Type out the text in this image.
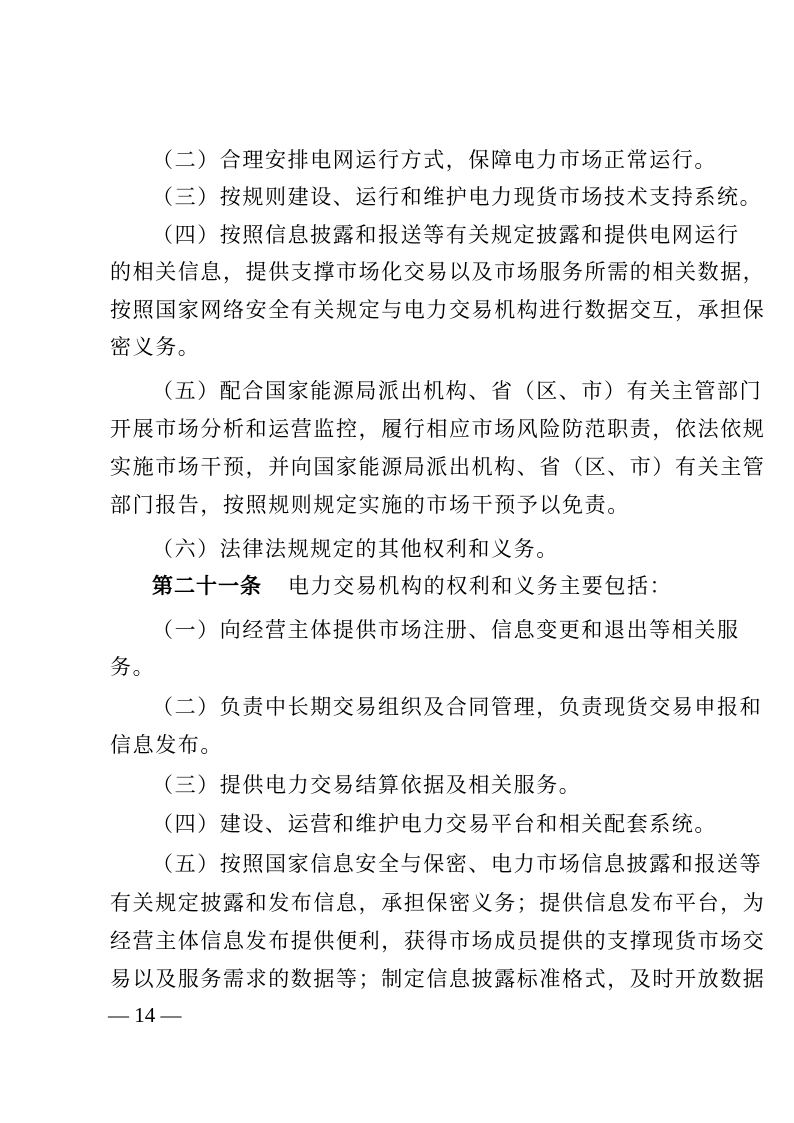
（二）合理安排电网运行方式，保障电力市场正常运行。
（三）按规则建设、运行和维护电力现货市场技术支持系统。
（四）按照信息披露和报送等有关规定披露和提供电网运行
的相关信息，提供支撑市场化交易以及市场服务所需的相关数据，
按照国家网络安全有关规定与电力交易机构进行数据交互，承担保
密义务。
（五）配合国家能源局派出机构、省（区、市）有关主管部门
开展市场分析和运营监控，履行相应市场风险防范职责，依法依规
实施市场干预，并向国家能源局派出机构、省（区、市）有关主管
部门报告，按照规则规定实施的市场干预予以免责。
（六）法律法规规定的其他权利和义务。
第二十一条 电力交易机构的权利和义务主要包括：
（一）向经营主体提供市场注册、信息变更和退出等相关服
务。
（二）负责中长期交易组织及合同管理，负责现货交易申报和
信息发布。
（三）提供电力交易结算依据及相关服务。
（四）建设、运营和维护电力交易平台和相关配套系统。
（五）按照国家信息安全与保密、电力市场信息披露和报送等
有关规定披露和发布信息，承担保密义务；提供信息发布平台，为
经营主体信息发布提供便利，获得市场成员提供的支撑现货市场交
易以及服务需求的数据等；制定信息披露标准格式，及时开放数据
— 14 —
